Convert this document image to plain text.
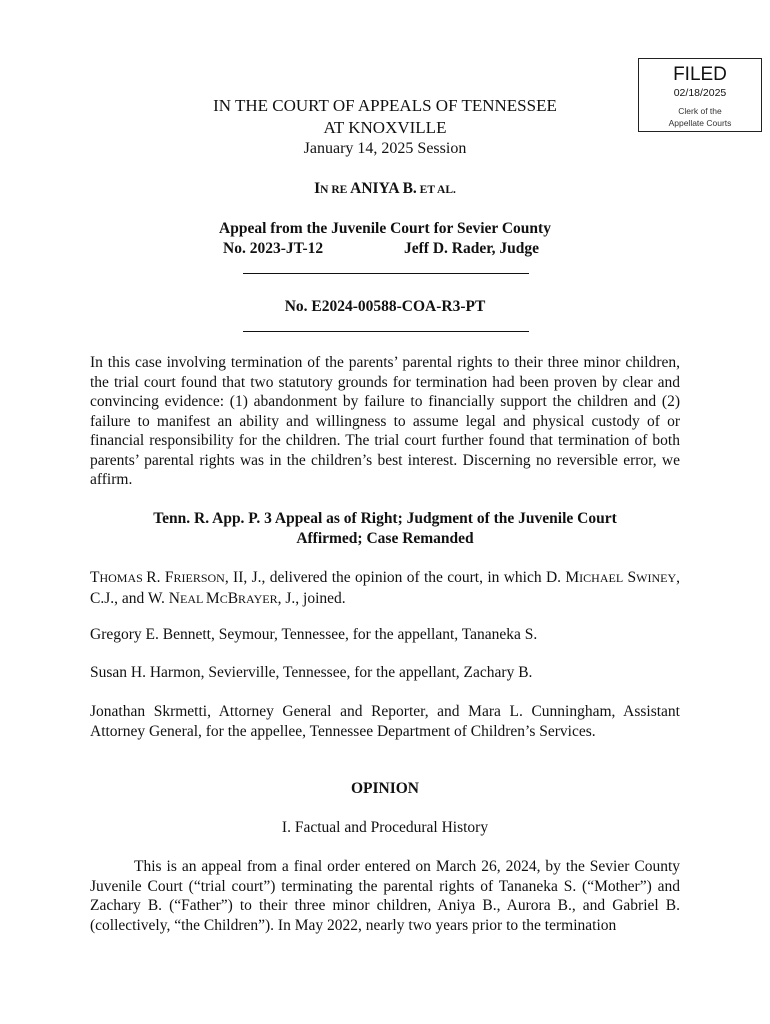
FILED
02/18/2025
Clerk of the
Appellate Courts
IN THE COURT OF APPEALS OF TENNESSEE
AT KNOXVILLE
January 14, 2025 Session
IN RE ANIYA B. ET AL.
Appeal from the Juvenile Court for Sevier County
No. 2023-JT-12	Jeff D. Rader, Judge
No. E2024-00588-COA-R3-PT
In this case involving termination of the parents’ parental rights to their three minor children, the trial court found that two statutory grounds for termination had been proven by clear and convincing evidence: (1) abandonment by failure to financially support the children and (2) failure to manifest an ability and willingness to assume legal and physical custody of or financial responsibility for the children. The trial court further found that termination of both parents’ parental rights was in the children’s best interest. Discerning no reversible error, we affirm.
Tenn. R. App. P. 3 Appeal as of Right; Judgment of the Juvenile Court
Affirmed; Case Remanded
THOMAS R. FRIERSON, II, J., delivered the opinion of the court, in which D. MICHAEL SWINEY, C.J., and W. NEAL MCBRAYER, J., joined.
Gregory E. Bennett, Seymour, Tennessee, for the appellant, Tananeka S.
Susan H. Harmon, Sevierville, Tennessee, for the appellant, Zachary B.
Jonathan Skrmetti, Attorney General and Reporter, and Mara L. Cunningham, Assistant Attorney General, for the appellee, Tennessee Department of Children’s Services.
OPINION
I. Factual and Procedural History
This is an appeal from a final order entered on March 26, 2024, by the Sevier County Juvenile Court (“trial court”) terminating the parental rights of Tananeka S. (“Mother”) and Zachary B. (“Father”) to their three minor children, Aniya B., Aurora B., and Gabriel B. (collectively, “the Children”). In May 2022, nearly two years prior to the termination
